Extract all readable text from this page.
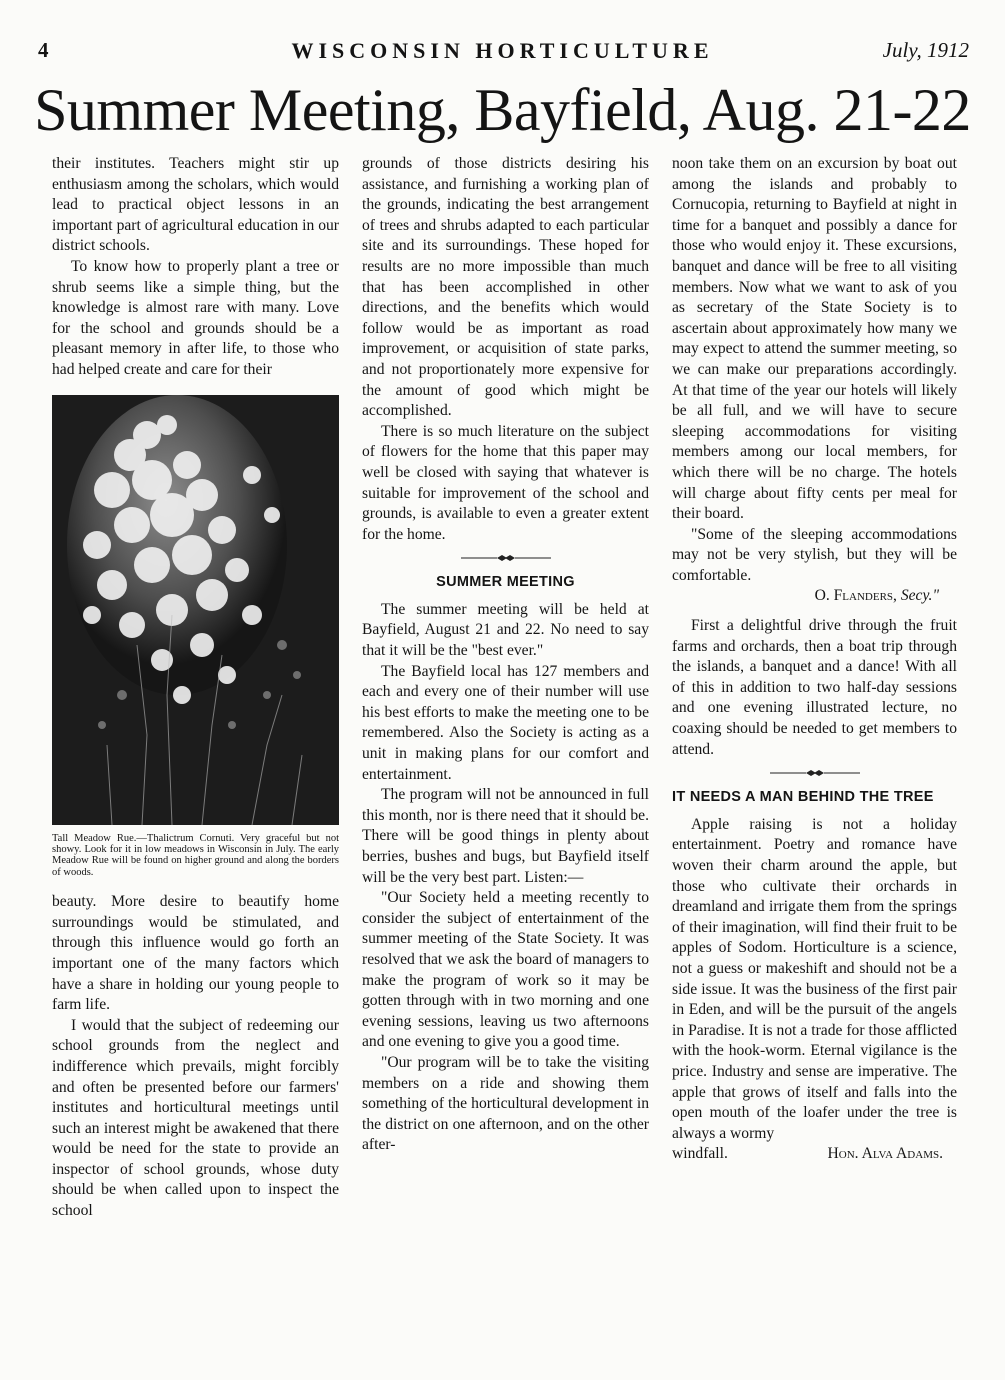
4	WISCONSIN HORTICULTURE	July, 1912
Summer Meeting, Bayfield, Aug. 21-22

their institutes. Teachers might stir up enthusiasm among the scholars, which would lead to practical object lessons in an important part of agricultural education in our district schools.

To know how to properly plant a tree or shrub seems like a simple thing, but the knowledge is almost rare with many. Love for the school and grounds should be a pleasant memory in after life, to those who had helped create and care for their

Tall Meadow Rue.—Thalictrum Cornuti. Very graceful but not showy. Look for it in low meadows in Wisconsin in July. The early Meadow Rue will be found on higher ground and along the borders of woods.

beauty. More desire to beautify home surroundings would be stimulated, and through this influence would go forth an important one of the many factors which have a share in holding our young people to farm life.

I would that the subject of redeeming our school grounds from the neglect and indifference which prevails, might forcibly and often be presented before our farmers' institutes and horticultural meetings until such an interest might be awakened that there would be need for the state to provide an inspector of school grounds, whose duty should be when called upon to inspect the school

grounds of those districts desiring his assistance, and furnishing a working plan of the grounds, indicating the best arrangement of trees and shrubs adapted to each particular site and its surroundings. These hoped for results are no more impossible than much that has been accomplished in other directions, and the benefits which would follow would be as important as road improvement, or acquisition of state parks, and not proportionately more expensive for the amount of good which might be accomplished.

There is so much literature on the subject of flowers for the home that this paper may well be closed with saying that whatever is suitable for improvement of the school and grounds, is available to even a greater extent for the home.

SUMMER MEETING

The summer meeting will be held at Bayfield, August 21 and 22. No need to say that it will be the "best ever."

The Bayfield local has 127 members and each and every one of their number will use his best efforts to make the meeting one to be remembered. Also the Society is acting as a unit in making plans for our comfort and entertainment.

The program will not be announced in full this month, nor is there need that it should be. There will be good things in plenty about berries, bushes and bugs, but Bayfield itself will be the very best part. Listen:—

"Our Society held a meeting recently to consider the subject of entertainment of the summer meeting of the State Society. It was resolved that we ask the board of managers to make the program of work so it may be gotten through with in two morning and one evening sessions, leaving us two afternoons and one evening to give you a good time.

"Our program will be to take the visiting members on a ride and showing them something of the horticultural development in the district on one afternoon, and on the other after-

noon take them on an excursion by boat out among the islands and probably to Cornucopia, returning to Bayfield at night in time for a banquet and possibly a dance for those who would enjoy it. These excursions, banquet and dance will be free to all visiting members. Now what we want to ask of you as secretary of the State Society is to ascertain about approximately how many we may expect to attend the summer meeting, so we can make our preparations accordingly. At that time of the year our hotels will likely be all full, and we will have to secure sleeping accommodations for visiting members among our local members, for which there will be no charge. The hotels will charge about fifty cents per meal for their board.

"Some of the sleeping accommodations may not be very stylish, but they will be comfortable.

O. Flanders, Secy."

First a delightful drive through the fruit farms and orchards, then a boat trip through the islands, a banquet and a dance! With all of this in addition to two half-day sessions and one evening illustrated lecture, no coaxing should be needed to get members to attend.

IT NEEDS A MAN BEHIND THE TREE

Apple raising is not a holiday entertainment. Poetry and romance have woven their charm around the apple, but those who cultivate their orchards in dreamland and irrigate them from the springs of their imagination, will find their fruit to be apples of Sodom. Horticulture is a science, not a guess or makeshift and should not be a side issue. It was the business of the first pair in Eden, and will be the pursuit of the angels in Paradise. It is not a trade for those afflicted with the hook-worm. Eternal vigilance is the price. Industry and sense are imperative. The apple that grows of itself and falls into the open mouth of the loafer under the tree is always a wormy

windfall.	Hon. Alva Adams.
